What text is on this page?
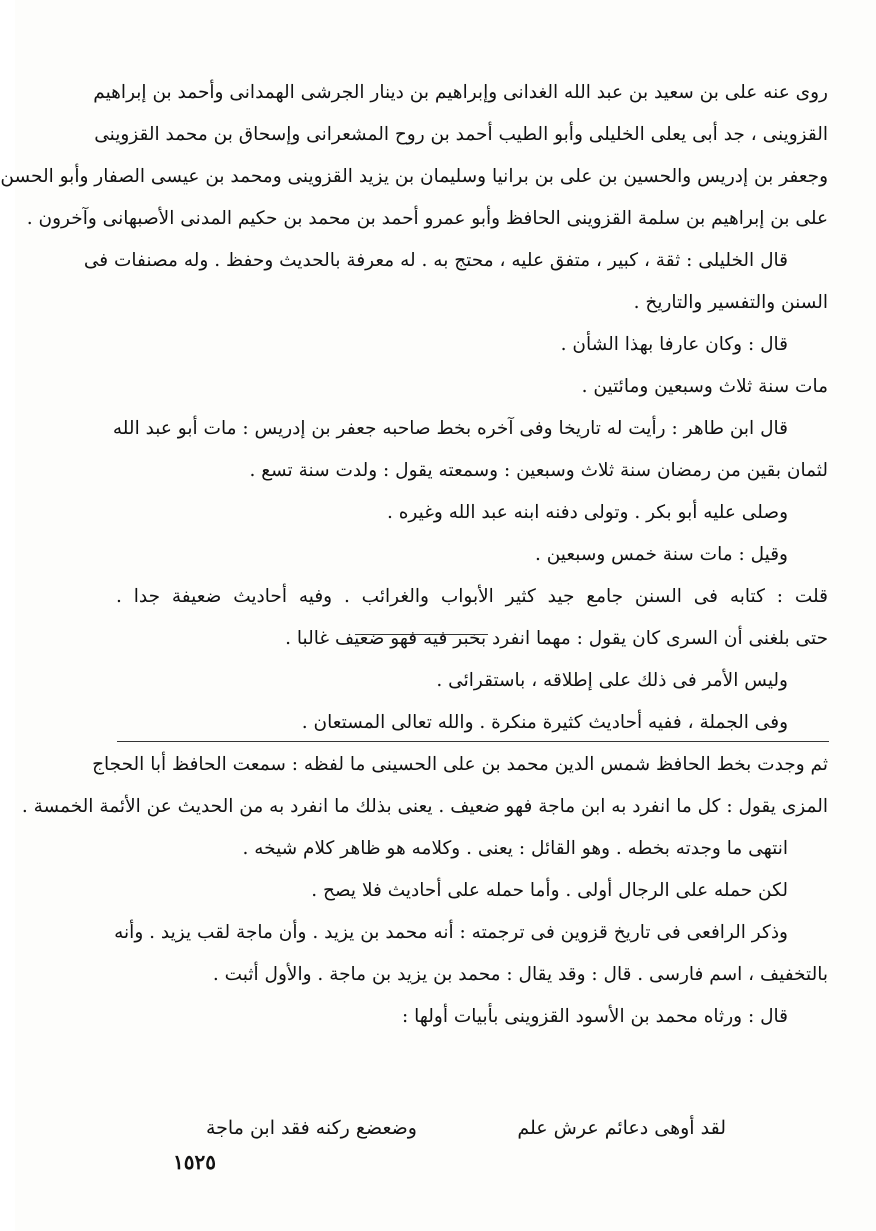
روى عنه على بن سعيد بن عبد الله الغدانى وإبراهيم بن دينار الجرشى الهمدانى وأحمد بن إبراهيم
القزوينى ، جد أبى يعلى الخليلى وأبو الطيب أحمد بن روح المشعرانى وإسحاق بن محمد القزوينى
وجعفر بن إدريس والحسين بن على بن برانيا وسليمان بن يزيد القزوينى ومحمد بن عيسى الصفار وأبو الحسن
على بن إبراهيم بن سلمة القزوينى الحافظ وأبو عمرو أحمد بن محمد بن حكيم المدنى الأصبهانى وآخرون .
قال الخليلى : ثقة ، كبير ، متفق عليه ، محتج به . له معرفة بالحديث وحفظ . وله مصنفات فى
السنن والتفسير والتاريخ .
قال : وكان عارفا بهذا الشأن .
مات سنة ثلاث وسبعين ومائتين .
قال ابن طاهر : رأيت له تاريخا وفى آخره بخط صاحبه جعفر بن إدريس : مات أبو عبد الله
لثمان بقين من رمضان سنة ثلاث وسبعين : وسمعته يقول : ولدت سنة تسع .
وصلى عليه أبو بكر . وتولى دفنه ابنه عبد الله وغيره .
وقيل : مات سنة خمس وسبعين .
قلت : كتابه فى السنن جامع جيد كثير الأبواب والغرائب . وفيه أحاديث ضعيفة جدا .
حتى بلغنى أن السرى كان يقول : مهما انفرد بخبر فيه فهو ضعيف غالبا .
وليس الأمر فى ذلك على إطلاقه ، باستقرائى .
وفى الجملة ، ففيه أحاديث كثيرة منكرة . والله تعالى المستعان .
ثم وجدت بخط الحافظ شمس الدين محمد بن على الحسينى ما لفظه : سمعت الحافظ أبا الحجاج
المزى يقول : كل ما انفرد به ابن ماجة فهو ضعيف . يعنى بذلك ما انفرد به من الحديث عن الأئمة الخمسة .
انتهى ما وجدته بخطه . وهو القائل : يعنى . وكلامه هو ظاهر كلام شيخه .
لكن حمله على الرجال أولى . وأما حمله على أحاديث فلا يصح .
وذكر الرافعى فى تاريخ قزوين فى ترجمته : أنه محمد بن يزيد . وأن ماجة لقب يزيد . وأنه
بالتخفيف ، اسم فارسى . قال : وقد يقال : محمد بن يزيد بن ماجة . والأول أثبت .
قال : ورثاه محمد بن الأسود القزوينى بأبيات أولها :
لقد أوهى دعائم عرش علم
وضعضع ركنه فقد ابن ماجة
١٥٢٥
